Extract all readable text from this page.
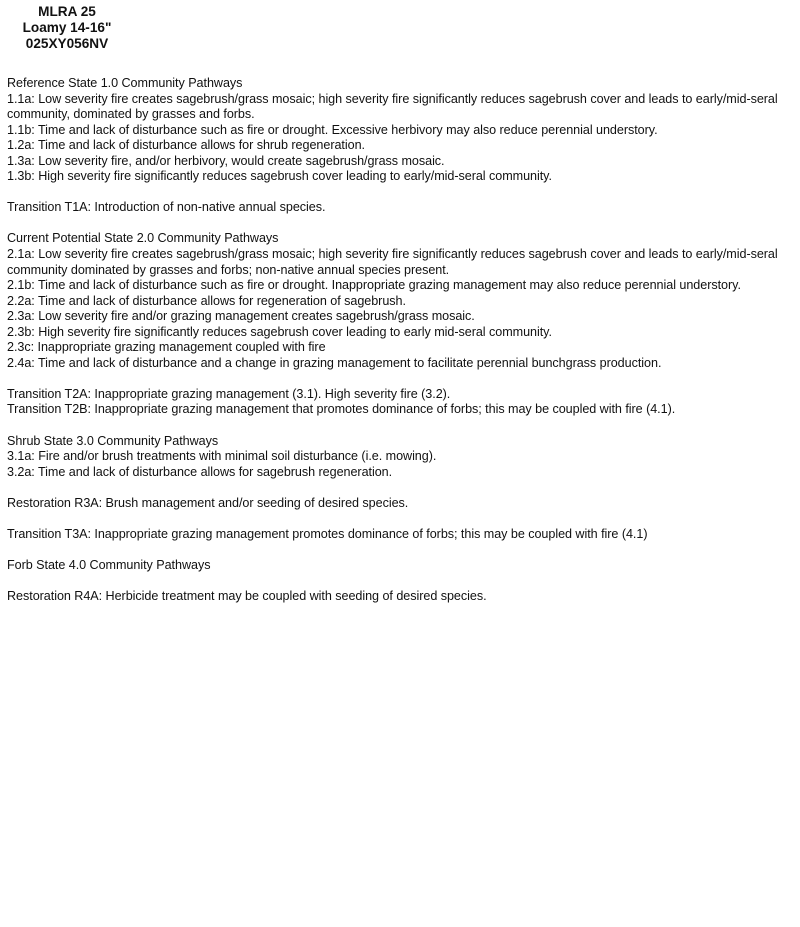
MLRA 25
Loamy 14-16"
025XY056NV
Reference State 1.0 Community Pathways
1.1a: Low severity fire creates sagebrush/grass mosaic; high severity fire significantly reduces sagebrush cover and leads to early/mid-seral community, dominated by grasses and forbs.
1.1b: Time and lack of disturbance such as fire or drought. Excessive herbivory may also reduce perennial understory.
1.2a: Time and lack of disturbance allows for shrub regeneration.
1.3a: Low severity fire, and/or herbivory, would create sagebrush/grass mosaic.
1.3b: High severity fire significantly reduces sagebrush cover leading to early/mid-seral community.
Transition T1A: Introduction of non-native annual species.
Current Potential State 2.0 Community Pathways
2.1a: Low severity fire creates sagebrush/grass mosaic; high severity fire significantly reduces sagebrush cover and leads to early/mid-seral community dominated by grasses and forbs; non-native annual species present.
2.1b: Time and lack of disturbance such as fire or drought. Inappropriate grazing management may also reduce perennial understory.
2.2a: Time and lack of disturbance allows for regeneration of sagebrush.
2.3a: Low severity fire and/or grazing management creates sagebrush/grass mosaic.
2.3b: High severity fire significantly reduces sagebrush cover leading to early mid-seral community.
2.3c: Inappropriate grazing management coupled with fire
2.4a: Time and lack of disturbance and a change in grazing management to facilitate perennial bunchgrass production.
Transition T2A: Inappropriate grazing management (3.1). High severity fire (3.2).
Transition T2B: Inappropriate grazing management that promotes dominance of forbs; this may be coupled with fire (4.1).
Shrub State 3.0 Community Pathways
3.1a: Fire and/or brush treatments with minimal soil disturbance (i.e. mowing).
3.2a: Time and lack of disturbance allows for sagebrush regeneration.
Restoration R3A: Brush management and/or seeding of desired species.
Transition T3A: Inappropriate grazing management promotes dominance of forbs; this may be coupled with fire (4.1)
Forb State 4.0 Community Pathways
Restoration R4A: Herbicide treatment may be coupled with seeding of desired species.
